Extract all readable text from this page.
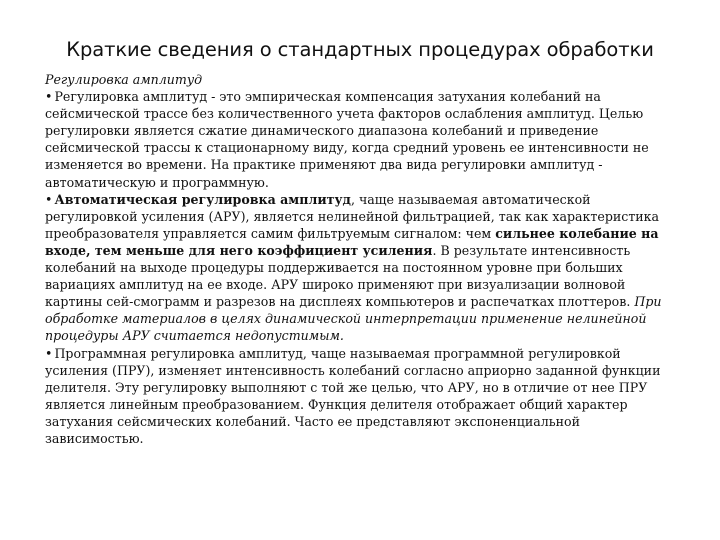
Краткие сведения о стандартных процедурах обработки

Регулировка амплитуд

• Регулировка амплитуд - это эмпирическая компенсация затухания колебаний на сейсмической трассе без количественного учета факторов ослабления амплитуд. Целью регулировки является сжатие динамического диапазона колебаний и приведение сейсмической трассы к стационарному виду, когда средний уровень ее интенсивности не изменяется во времени. На практике применяют два вида регулировки амплитуд - автоматическую и программную.

• Автоматическая регулировка амплитуд, чаще называемая автоматической регулировкой усиления (АРУ), является нелинейной фильтрацией, так как характеристика преобразователя управляется самим фильтруемым сигналом: чем сильнее колебание на входе, тем меньше для него коэффициент усиления. В результате интенсивность колебаний на выходе процедуры поддерживается на постоянном уровне при больших вариациях амплитуд на ее входе. АРУ широко применяют при визуализации волновой картины сей-смограмм и разрезов на дисплеях компьютеров и распечатках плоттеров. При обработке материалов в целях динамической интерпретации применение нелинейной процедуры АРУ считается недопустимым.

• Программная регулировка амплитуд, чаще называемая программной регулировкой усиления (ПРУ), изменяет интенсивность колебаний согласно априорно заданной функции делителя. Эту регулировку выполняют с той же целью, что АРУ, но в отличие от нее ПРУ является линейным преобразованием. Функция делителя отображает общий характер затухания сейсмических колебаний. Часто ее представляют экспоненциальной зависимостью.
